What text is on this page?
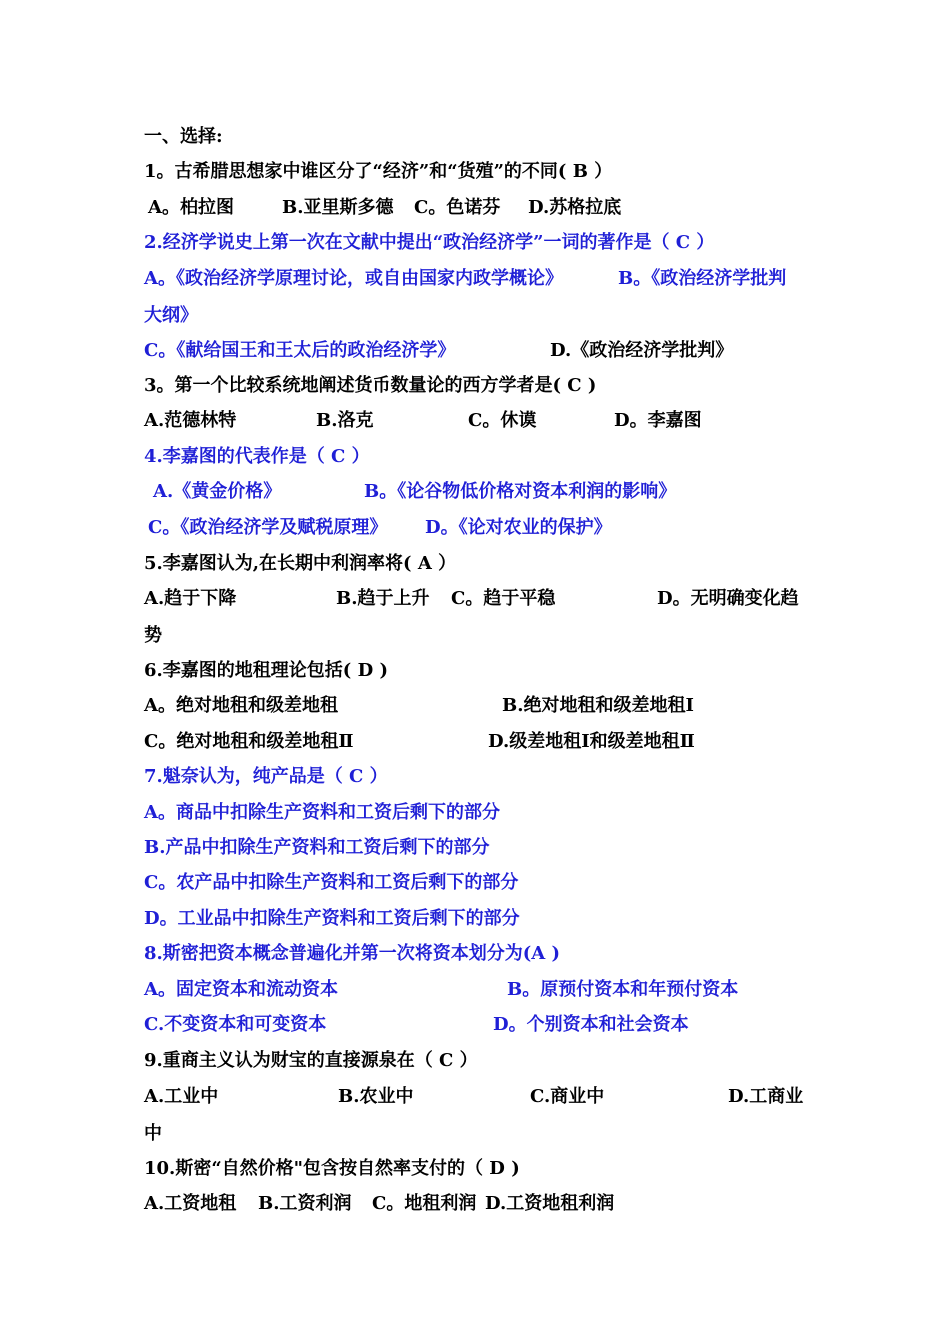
一、选择:
1。古希腊思想家中谁区分了“经济”和“货殖”的不同( B ）
A。柏拉图	B.亚里斯多德 C。色诺芬 D.苏格拉底
2.经济学说史上第一次在文献中提出“政治经济学”一词的著作是（ C ）
A。《政治经济学原理讨论，或自由国家内政学概论》	B。《政治经济学批判
大纲》
C。《献给国王和王太后的政治经济学》	D.《政治经济学批判》
3。第一个比较系统地阐述货币数量论的西方学者是( C )
A.范德林特	B.洛克	C。休谟	D。李嘉图
4.李嘉图的代表作是（ C ）
A.《黄金价格》	B。《论谷物低价格对资本利润的影响》
C。《政治经济学及赋税原理》 D。《论对农业的保护》
5.李嘉图认为,在长期中利润率将( A ）
A.趋于下降	B.趋于上升 C。趋于平稳	D。无明确变化趋
势
6.李嘉图的地租理论包括( D )
A。绝对地租和级差地租	B.绝对地租和级差地租Ⅰ
C。绝对地租和级差地租Ⅱ	D.级差地租Ⅰ和级差地租Ⅱ
7.魁奈认为，纯产品是（ C ）
A。商品中扣除生产资料和工资后剩下的部分
B.产品中扣除生产资料和工资后剩下的部分
C。农产品中扣除生产资料和工资后剩下的部分
D。工业品中扣除生产资料和工资后剩下的部分
8.斯密把资本概念普遍化并第一次将资本划分为(A )
A。固定资本和流动资本	B。原预付资本和年预付资本
C.不变资本和可变资本	D。个别资本和社会资本
9.重商主义认为财宝的直接源泉在（ C ）
A.工业中	B.农业中	C.商业中	D.工商业
中
10.斯密“自然价格"包含按自然率支付的（ D )
A.工资地租 B.工资利润 C。地租利润 D.工资地租利润
